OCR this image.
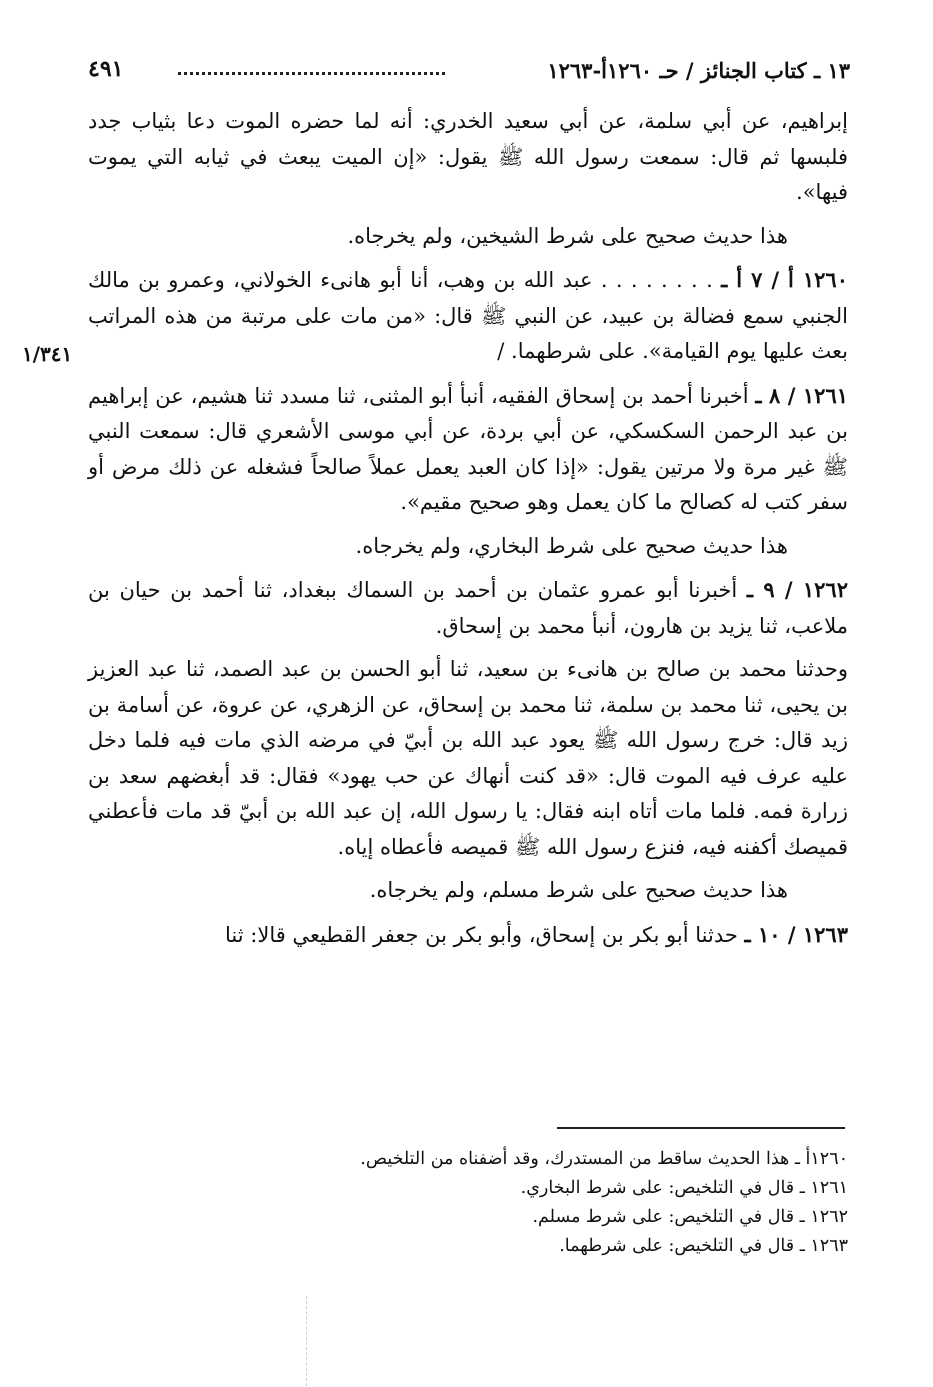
١٣ ـ كتاب الجنائز / حـ ١٢٦٠أ-١٢٦٣
٤٩١
١/٣٤١

إبراهيم، عن أبي سلمة، عن أبي سعيد الخدري: أنه لما حضره الموت دعا بثياب جدد فلبسها ثم قال: سمعت رسول الله ﷺ يقول: «إن الميت يبعث في ثيابه التي يموت فيها».

هذا حديث صحيح على شرط الشيخين، ولم يخرجاه.

١٢٦٠ أ / ٧ أ ـ . . . . . . . . عبد الله بن وهب، أنا أبو هانىء الخولاني، وعمرو بن مالك الجنبي سمع فضالة بن عبيد، عن النبي ﷺ قال: «من مات على مرتبة من هذه المراتب بعث عليها يوم القيامة». على شرطهما. /

١٢٦١ / ٨ ـ أخبرنا أحمد بن إسحاق الفقيه، أنبأ أبو المثنى، ثنا مسدد ثنا هشيم، عن إبراهيم بن عبد الرحمن السكسكي، عن أبي بردة، عن أبي موسى الأشعري قال: سمعت النبي ﷺ غير مرة ولا مرتين يقول: «إذا كان العبد يعمل عملاً صالحاً فشغله عن ذلك مرض أو سفر كتب له كصالح ما كان يعمل وهو صحيح مقيم».

هذا حديث صحيح على شرط البخاري، ولم يخرجاه.

١٢٦٢ / ٩ ـ أخبرنا أبو عمرو عثمان بن أحمد بن السماك ببغداد، ثنا أحمد بن حيان بن ملاعب، ثنا يزيد بن هارون، أنبأ محمد بن إسحاق.

وحدثنا محمد بن صالح بن هانىء بن سعيد، ثنا أبو الحسن بن عبد الصمد، ثنا عبد العزيز بن يحيى، ثنا محمد بن سلمة، ثنا محمد بن إسحاق، عن الزهري، عن عروة، عن أسامة بن زيد قال: خرج رسول الله ﷺ يعود عبد الله بن أبيّ في مرضه الذي مات فيه فلما دخل عليه عرف فيه الموت قال: «قد كنت أنهاك عن حب يهود» فقال: قد أبغضهم سعد بن زرارة فمه. فلما مات أتاه ابنه فقال: يا رسول الله، إن عبد الله بن أبيّ قد مات فأعطني قميصك أكفنه فيه، فنزع رسول الله ﷺ قميصه فأعطاه إياه.

هذا حديث صحيح على شرط مسلم، ولم يخرجاه.

١٢٦٣ / ١٠ ـ حدثنا أبو بكر بن إسحاق، وأبو بكر بن جعفر القطيعي قالا: ثنا

١٢٦٠أ ـ هذا الحديث ساقط من المستدرك، وقد أضفناه من التلخيص.

١٢٦١ ـ قال في التلخيص: على شرط البخاري.

١٢٦٢ ـ قال في التلخيص: على شرط مسلم.

١٢٦٣ ـ قال في التلخيص: على شرطهما.
